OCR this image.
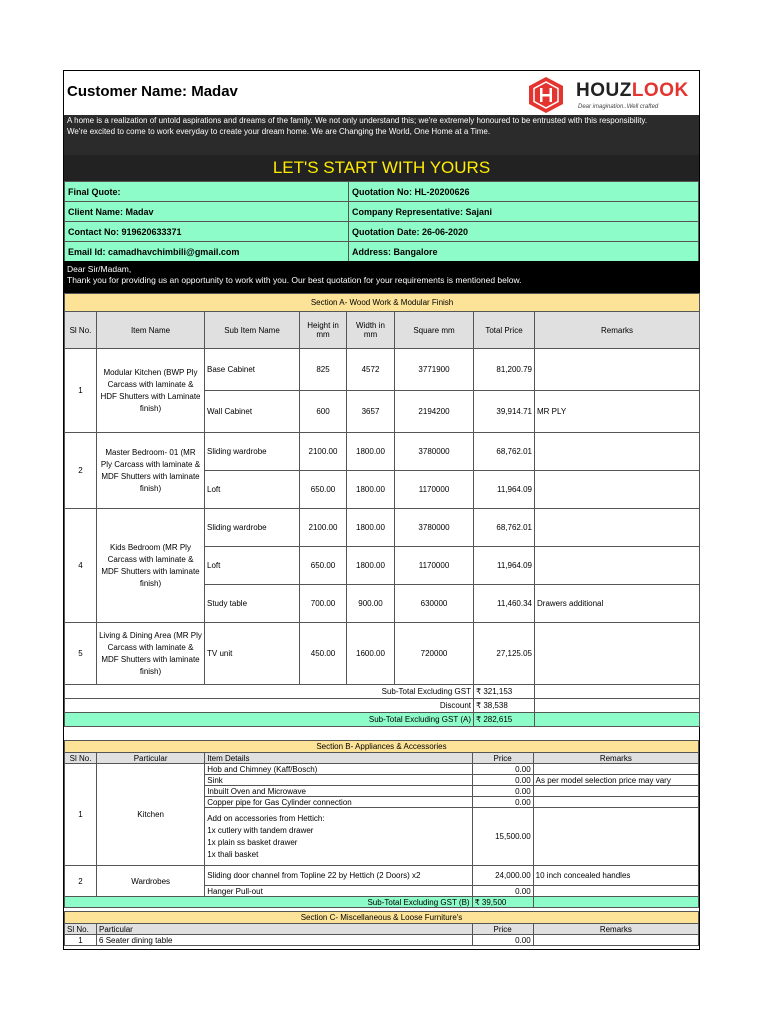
Customer Name: Madav	HOUZLOOK
Dear imagination..Well crafted
A home is a realization of untold aspirations and dreams of the family. We not only understand this; we're extremely honoured to be entrusted with this responsibility.
We're excited to come to work everyday to create your dream home. We are Changing the World, One Home at a Time.
LET'S START WITH YOURS
Final Quote:	Quotation No: HL-20200626
Client Name: Madav	Company Representative: Sajani
Contact No: 919620633371	Quotation Date: 26-06-2020
Email Id: camadhavchimbili@gmail.com	Address: Bangalore
Dear Sir/Madam,
Thank you for providing us an opportunity to work with you. Our best quotation for your requirements is mentioned below.
Section A- Wood Work & Modular Finish							
Sl No.	Item Name	Sub Item Name	Height in mm	Width in mm	Square mm	Total Price	Remarks
1	Modular Kitchen (BWP Ply Carcass with laminate & HDF Shutters with Laminate finish)	Base Cabinet	825	4572	3771900	81,200.79	
		Wall Cabinet	600	3657	2194200	39,914.71	MR PLY
2	Master Bedroom- 01 (MR Ply Carcass with laminate & MDF Shutters with laminate finish)	Sliding wardrobe	2100.00	1800.00	3780000	68,762.01	
		Loft	650.00	1800.00	1170000	11,964.09	
4	Kids Bedroom (MR Ply Carcass with laminate & MDF Shutters with laminate finish)	Sliding wardrobe	2100.00	1800.00	3780000	68,762.01	
		Loft	650.00	1800.00	1170000	11,964.09	
		Study table	700.00	900.00	630000	11,460.34	Drawers additional
5	Living & Dining Area (MR Ply Carcass with laminate & MDF Shutters with laminate finish)	TV unit	450.00	1600.00	720000	27,125.05	
Sub-Total Excluding GST						₹ 321,153	
Discount						₹ 38,538	
Sub-Total Excluding GST (A)						₹ 282,615	
Section B- Appliances & Accessories				
Sl No.	Particular	Item Details	Price	Remarks
1	Kitchen	Hob and Chimney (Kaff/Bosch)	0.00	
		Sink	0.00	As per model selection price may vary
		Inbuilt Oven and Microwave	0.00	
		Copper pipe for Gas Cylinder connection	0.00	

		Add on accessories from Hettich:
1x cutlery with tandem drawer
1x plain ss basket drawer
1x thali basket	15,500.00	
2	Wardrobes	Sliding door channel from Topline 22 by Hettich (2 Doors) x2	24,000.00	10 inch concealed handles
		Hanger Pull-out	0.00	
Sub-Total Excluding GST (B)			₹ 39,500	
Section C- Miscellaneous & Loose Furniture's			
Sl No.	Particular	Price	Remarks
1	6 Seater dining table	0.00	
